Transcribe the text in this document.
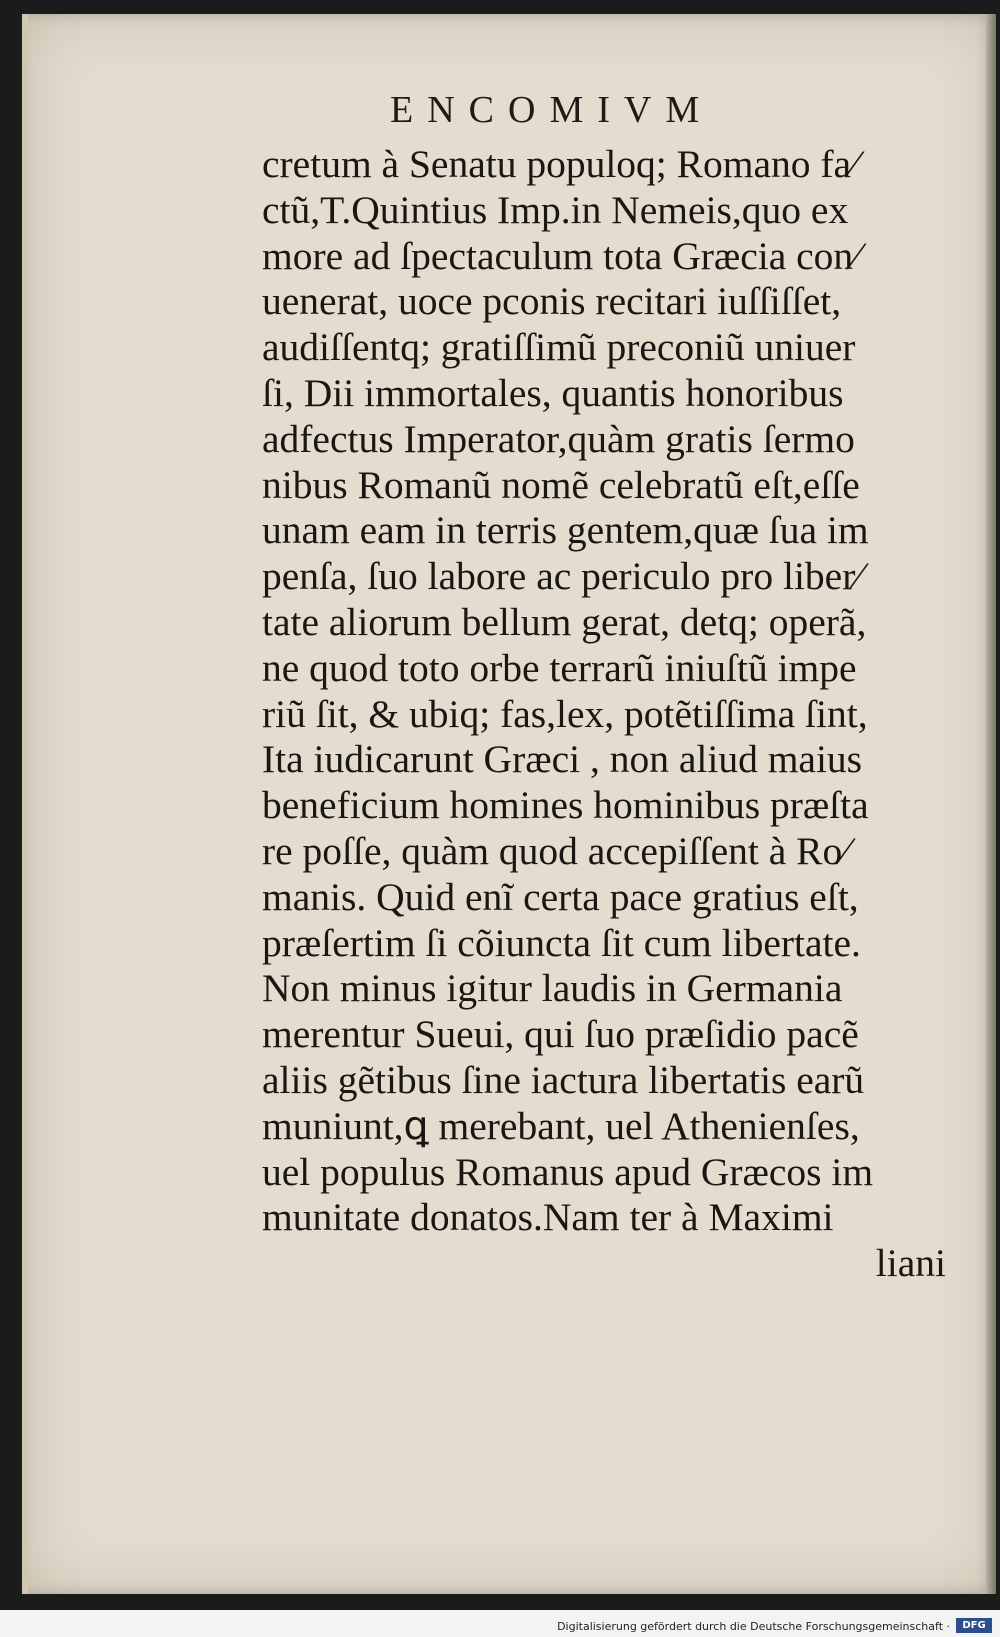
ENCOMIVM
cretum à Senatu populoq; Romano fa⁄
ctũ,T.Quintius Imp.in Nemeis,quo ex
more ad ſpectaculum tota Græcia con⁄
uenerat, uoce pconis recitari iuſſiſſet,
audiſſentq; gratiſſimũ preconiũ uniuer
ſi, Dii immortales, quantis honoribus
adfectus Imperator,quàm gratis ſermo
nibus Romanũ nomẽ celebratũ eſt,eſſe
unam eam in terris gentem,quæ ſua im
penſa, ſuo labore ac periculo pro liber⁄
tate aliorum bellum gerat, detq; operã,
ne quod toto orbe terrarũ iniuſtũ impe
riũ ſit, & ubiq; fas,lex, potẽtiſſima ſint,
Ita iudicarunt Græci , non aliud maius
beneficium homines hominibus præſta
re poſſe, quàm quod accepiſſent à Ro⁄
manis. Quid enĩ certa pace gratius eſt,
præſertim ſi cõiuncta ſit cum libertate.
Non minus igitur laudis in Germania
merentur Sueui, qui ſuo præſidio pacẽ
aliis gẽtibus ſine iactura libertatis earũ
muniunt,ꝗ merebant, uel Athenienſes,
uel populus Romanus apud Græcos im
munitate donatos.Nam ter à Maximi
liani
Digitalisierung gefördert durch die Deutsche Forschungsgemeinschaft ·	DFG
